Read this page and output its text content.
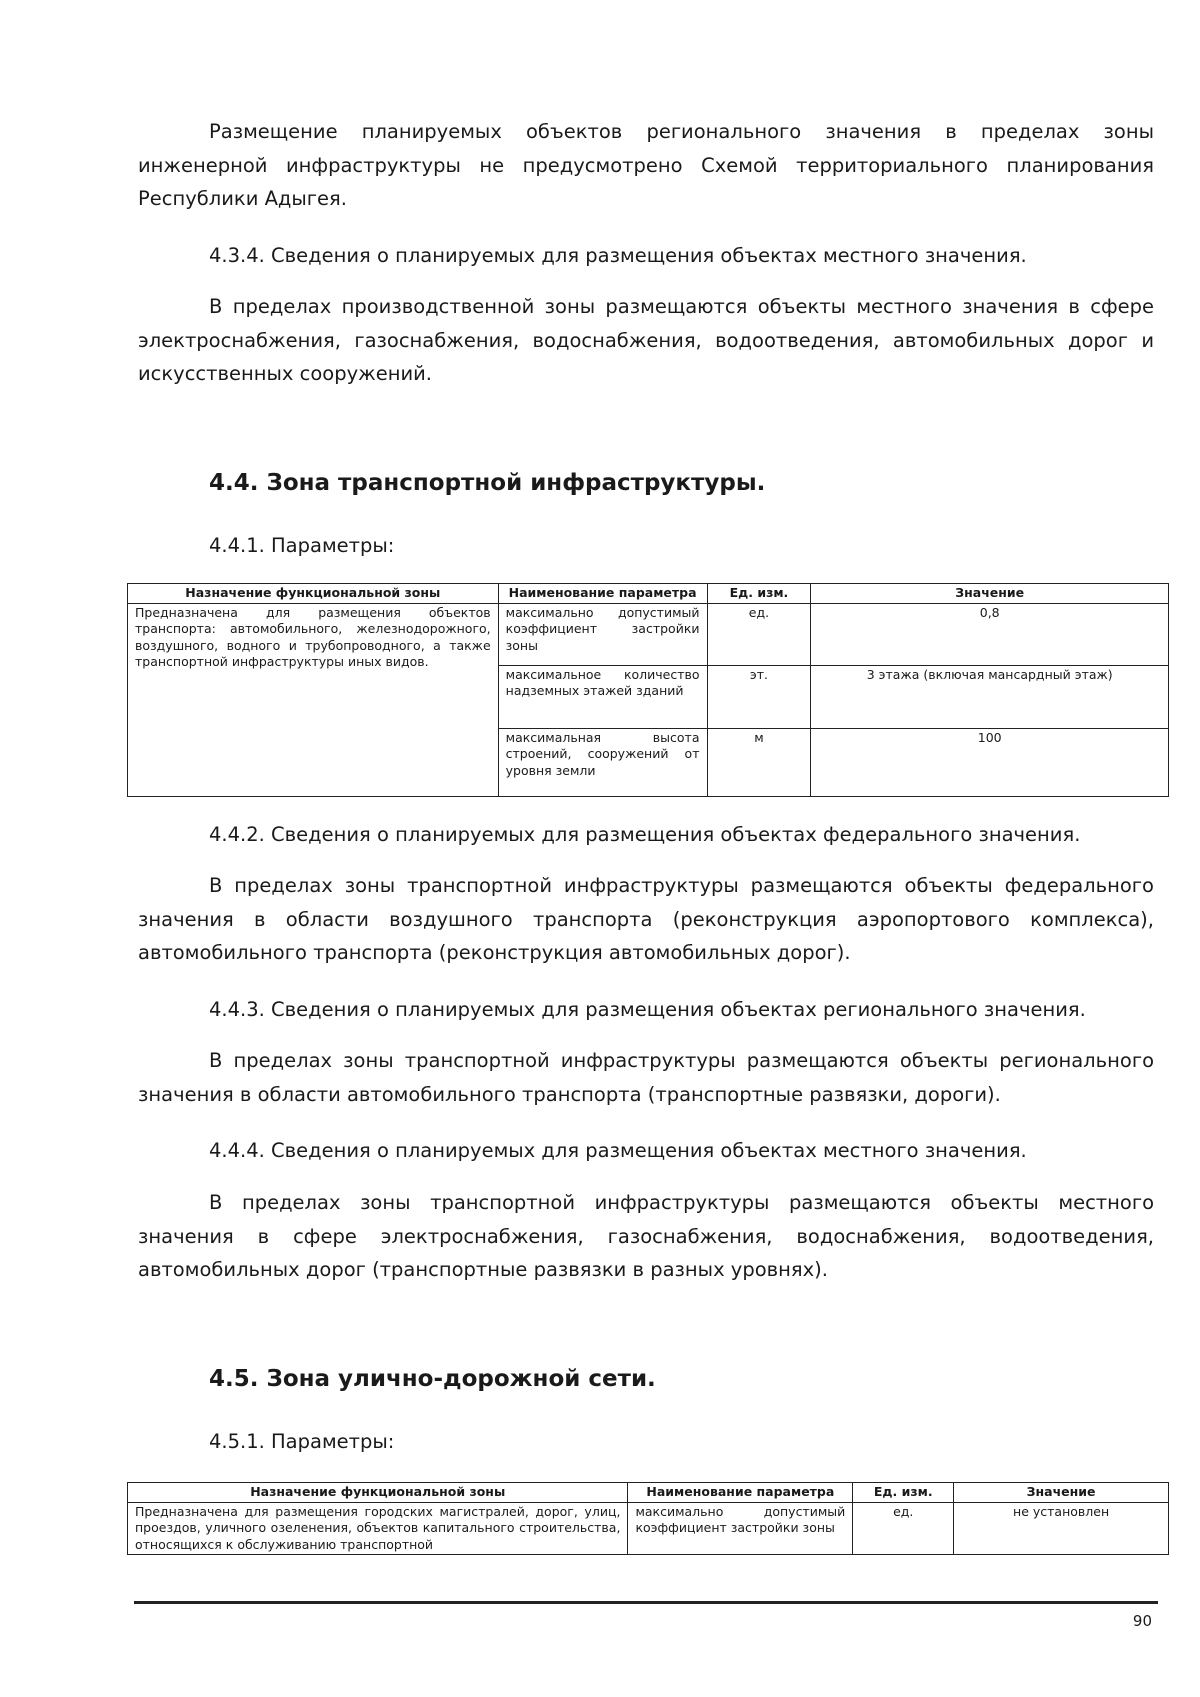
Размещение планируемых объектов регионального значения в пределах зоны инженерной инфраструктуры не предусмотрено Схемой территориального планирования Республики Адыгея.

4.3.4. Сведения о планируемых для размещения объектах местного значения.

В пределах производственной зоны размещаются объекты местного значения в сфере электроснабжения, газоснабжения, водоснабжения, водоотведения, автомобильных дорог и искусственных сооружений.

4.4. Зона транспортной инфраструктуры.

4.4.1. Параметры:

Назначение функциональной зоны	Наименование параметра	Ед. изм.	Значение
Предназначена для размещения объектов транспорта: автомобильного, железнодорожного, воздушного, водного и трубопроводного, а также транспортной инфраструктуры иных видов.	максимально допустимый коэффициент застройки зоны	ед.	0,8
	максимальное количество надземных этажей зданий	эт.	3 этажа (включая мансардный этаж)
	максимальная высота строений, сооружений от уровня земли	м	100

4.4.2. Сведения о планируемых для размещения объектах федерального значения.

В пределах зоны транспортной инфраструктуры размещаются объекты федерального значения в области воздушного транспорта (реконструкция аэропортового комплекса), автомобильного транспорта (реконструкция автомобильных дорог).

4.4.3. Сведения о планируемых для размещения объектах регионального значения.

В пределах зоны транспортной инфраструктуры размещаются объекты регионального значения в области автомобильного транспорта (транспортные развязки, дороги).

4.4.4. Сведения о планируемых для размещения объектах местного значения.

В пределах зоны транспортной инфраструктуры размещаются объекты местного значения в сфере электроснабжения, газоснабжения, водоснабжения, водоотведения, автомобильных дорог (транспортные развязки в разных уровнях).

4.5. Зона улично-дорожной сети.

4.5.1. Параметры:

Назначение функциональной зоны	Наименование параметра	Ед. изм.	Значение
Предназначена для размещения городских магистралей, дорог, улиц, проездов, уличного озеленения, объектов капитального строительства, относящихся к обслуживанию транспортной	максимально допустимый коэффициент застройки зоны	ед.	не установлен
90
